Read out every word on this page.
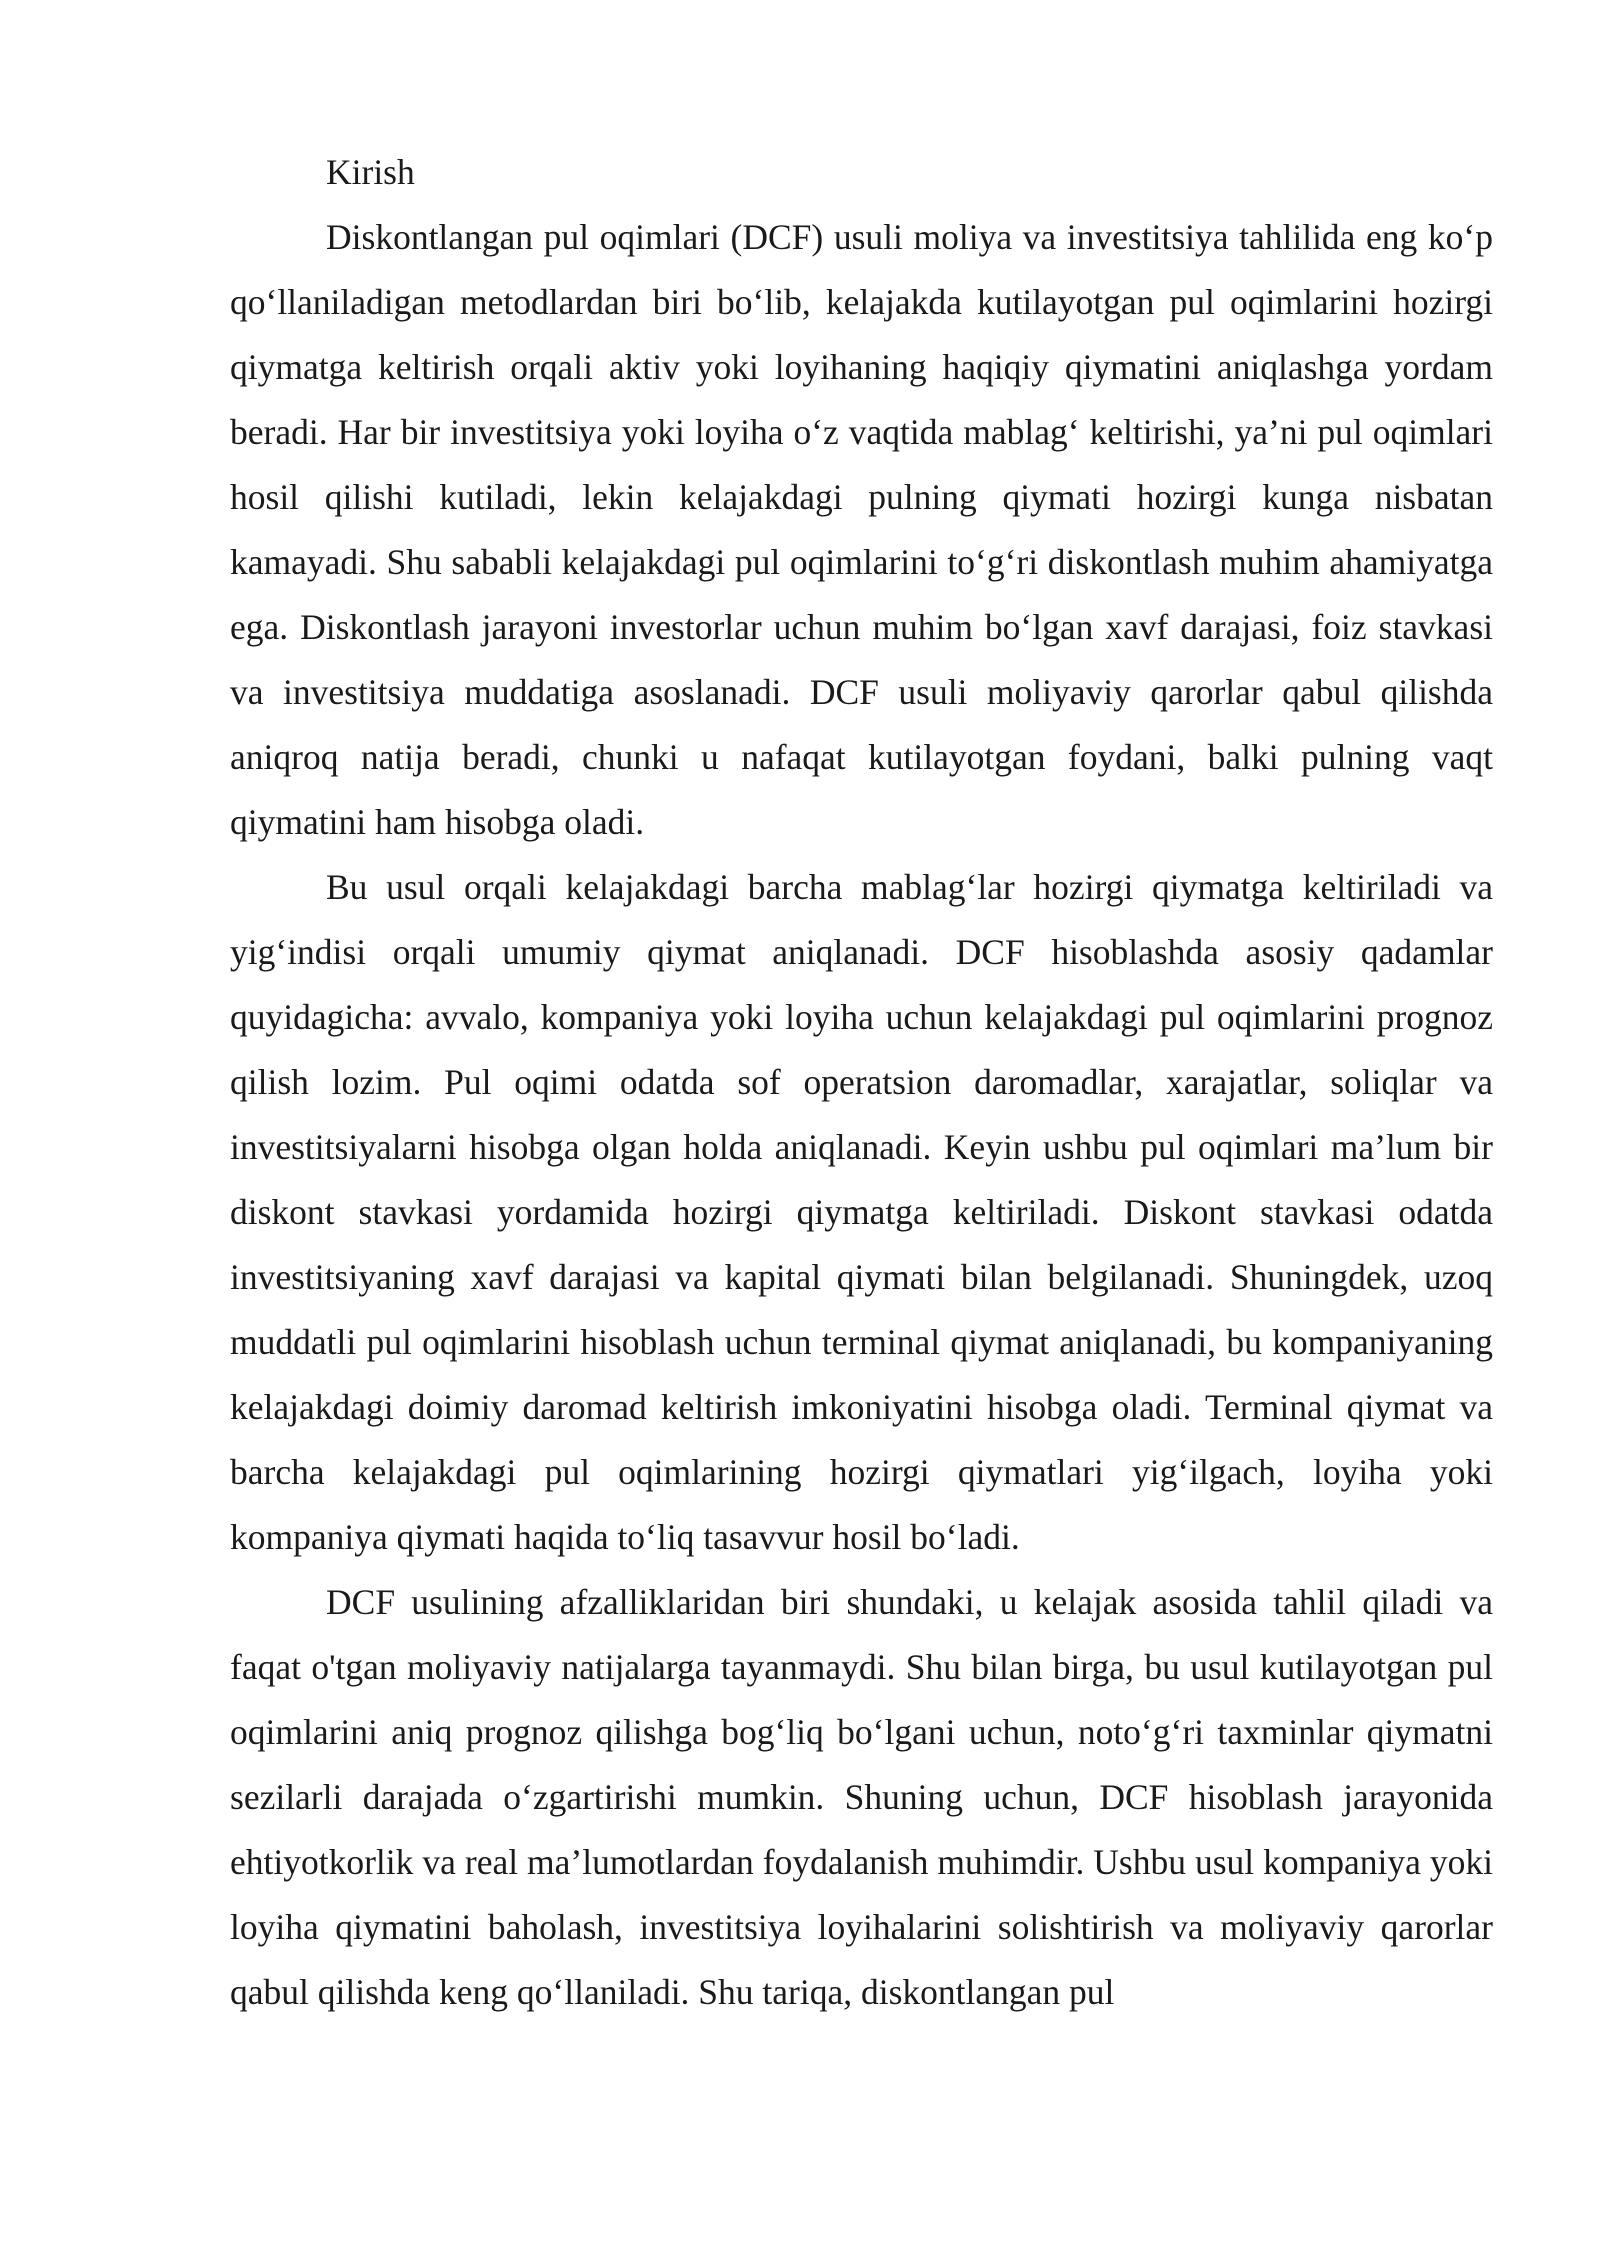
Kirish

Diskontlangan pul oqimlari (DCF) usuli moliya va investitsiya tahlilida eng ko‘p qo‘llaniladigan metodlardan biri bo‘lib, kelajakda kutilayotgan pul oqimlarini hozirgi qiymatga keltirish orqali aktiv yoki loyihaning haqiqiy qiymatini aniqlashga yordam beradi. Har bir investitsiya yoki loyiha o‘z vaqtida mablag‘ keltirishi, ya’ni pul oqimlari hosil qilishi kutiladi, lekin kelajakdagi pulning qiymati hozirgi kunga nisbatan kamayadi. Shu sababli kelajakdagi pul oqimlarini to‘g‘ri diskontlash muhim ahamiyatga ega. Diskontlash jarayoni investorlar uchun muhim bo‘lgan xavf darajasi, foiz stavkasi va investitsiya muddatiga asoslanadi. DCF usuli moliyaviy qarorlar qabul qilishda aniqroq natija beradi, chunki u nafaqat kutilayotgan foydani, balki pulning vaqt qiymatini ham hisobga oladi.

Bu usul orqali kelajakdagi barcha mablag‘lar hozirgi qiymatga keltiriladi va yig‘indisi orqali umumiy qiymat aniqlanadi. DCF hisoblashda asosiy qadamlar quyidagicha: avvalo, kompaniya yoki loyiha uchun kelajakdagi pul oqimlarini prognoz qilish lozim. Pul oqimi odatda sof operatsion daromadlar, xarajatlar, soliqlar va investitsiyalarni hisobga olgan holda aniqlanadi. Keyin ushbu pul oqimlari ma’lum bir diskont stavkasi yordamida hozirgi qiymatga keltiriladi. Diskont stavkasi odatda investitsiyaning xavf darajasi va kapital qiymati bilan belgilanadi. Shuningdek, uzoq muddatli pul oqimlarini hisoblash uchun terminal qiymat aniqlanadi, bu kompaniyaning kelajakdagi doimiy daromad keltirish imkoniyatini hisobga oladi. Terminal qiymat va barcha kelajakdagi pul oqimlarining hozirgi qiymatlari yig‘ilgach, loyiha yoki kompaniya qiymati haqida to‘liq tasavvur hosil bo‘ladi.

DCF usulining afzalliklaridan biri shundaki, u kelajak asosida tahlil qiladi va faqat o'tgan moliyaviy natijalarga tayanmaydi. Shu bilan birga, bu usul kutilayotgan pul oqimlarini aniq prognoz qilishga bog‘liq bo‘lgani uchun, noto‘g‘ri taxminlar qiymatni sezilarli darajada o‘zgartirishi mumkin. Shuning uchun, DCF hisoblash jarayonida ehtiyotkorlik va real ma’lumotlardan foydalanish muhimdir. Ushbu usul kompaniya yoki loyiha qiymatini baholash, investitsiya loyihalarini solishtirish va moliyaviy qarorlar qabul qilishda keng qo‘llaniladi. Shu tariqa, diskontlangan pul
